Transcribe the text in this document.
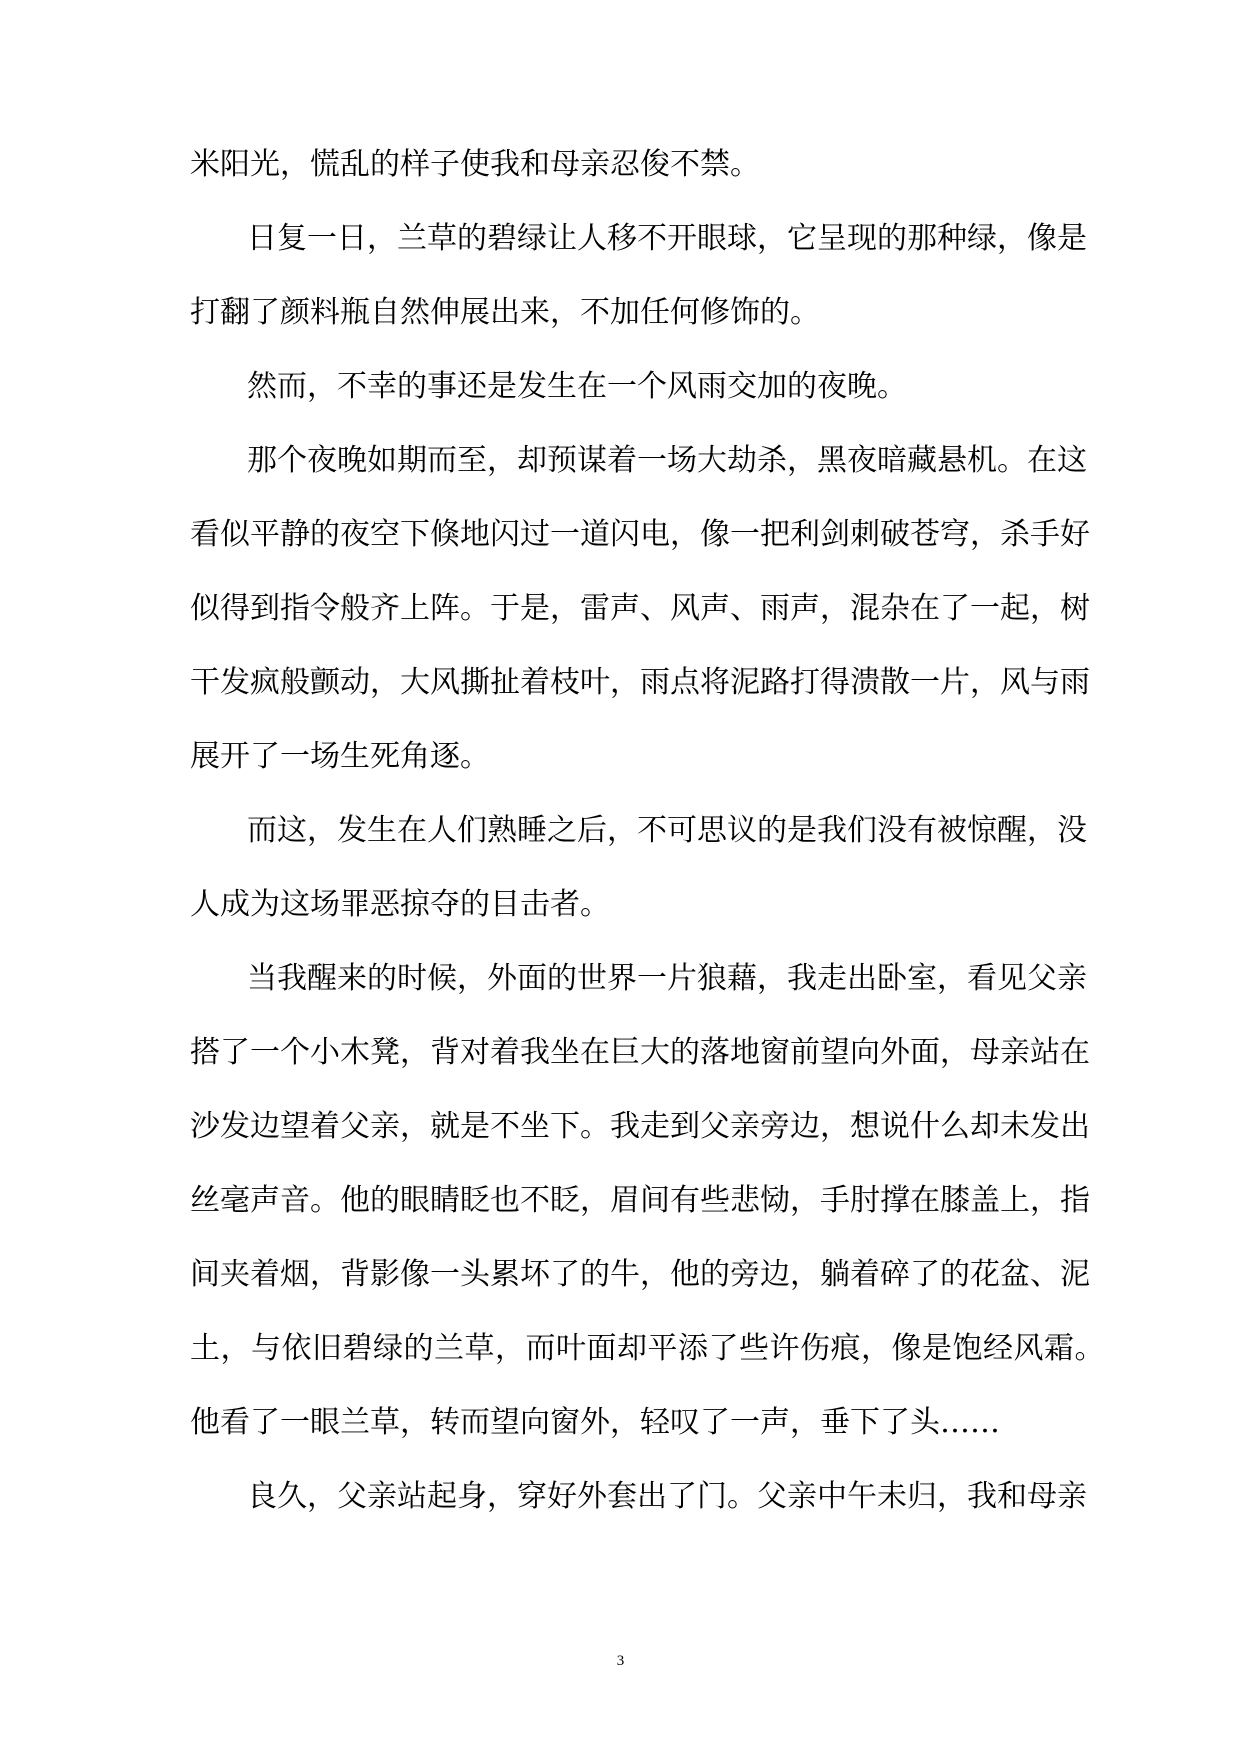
米阳光，慌乱的样子使我和母亲忍俊不禁。
日复一日，兰草的碧绿让人移不开眼球，它呈现的那种绿，像是
打翻了颜料瓶自然伸展出来，不加任何修饰的。
然而，不幸的事还是发生在一个风雨交加的夜晚。
那个夜晚如期而至，却预谋着一场大劫杀，黑夜暗藏悬机。在这
看似平静的夜空下倏地闪过一道闪电，像一把利剑刺破苍穹，杀手好
似得到指令般齐上阵。于是，雷声、风声、雨声，混杂在了一起，树
干发疯般颤动，大风撕扯着枝叶，雨点将泥路打得溃散一片，风与雨
展开了一场生死角逐。
而这，发生在人们熟睡之后，不可思议的是我们没有被惊醒，没
人成为这场罪恶掠夺的目击者。
当我醒来的时候，外面的世界一片狼藉，我走出卧室，看见父亲
搭了一个小木凳，背对着我坐在巨大的落地窗前望向外面，母亲站在
沙发边望着父亲，就是不坐下。我走到父亲旁边，想说什么却未发出
丝毫声音。他的眼睛眨也不眨，眉间有些悲恸，手肘撑在膝盖上，指
间夹着烟，背影像一头累坏了的牛，他的旁边，躺着碎了的花盆、泥
土，与依旧碧绿的兰草，而叶面却平添了些许伤痕，像是饱经风霜。
他看了一眼兰草，转而望向窗外，轻叹了一声，垂下了头……
良久，父亲站起身，穿好外套出了门。父亲中午未归，我和母亲
3
